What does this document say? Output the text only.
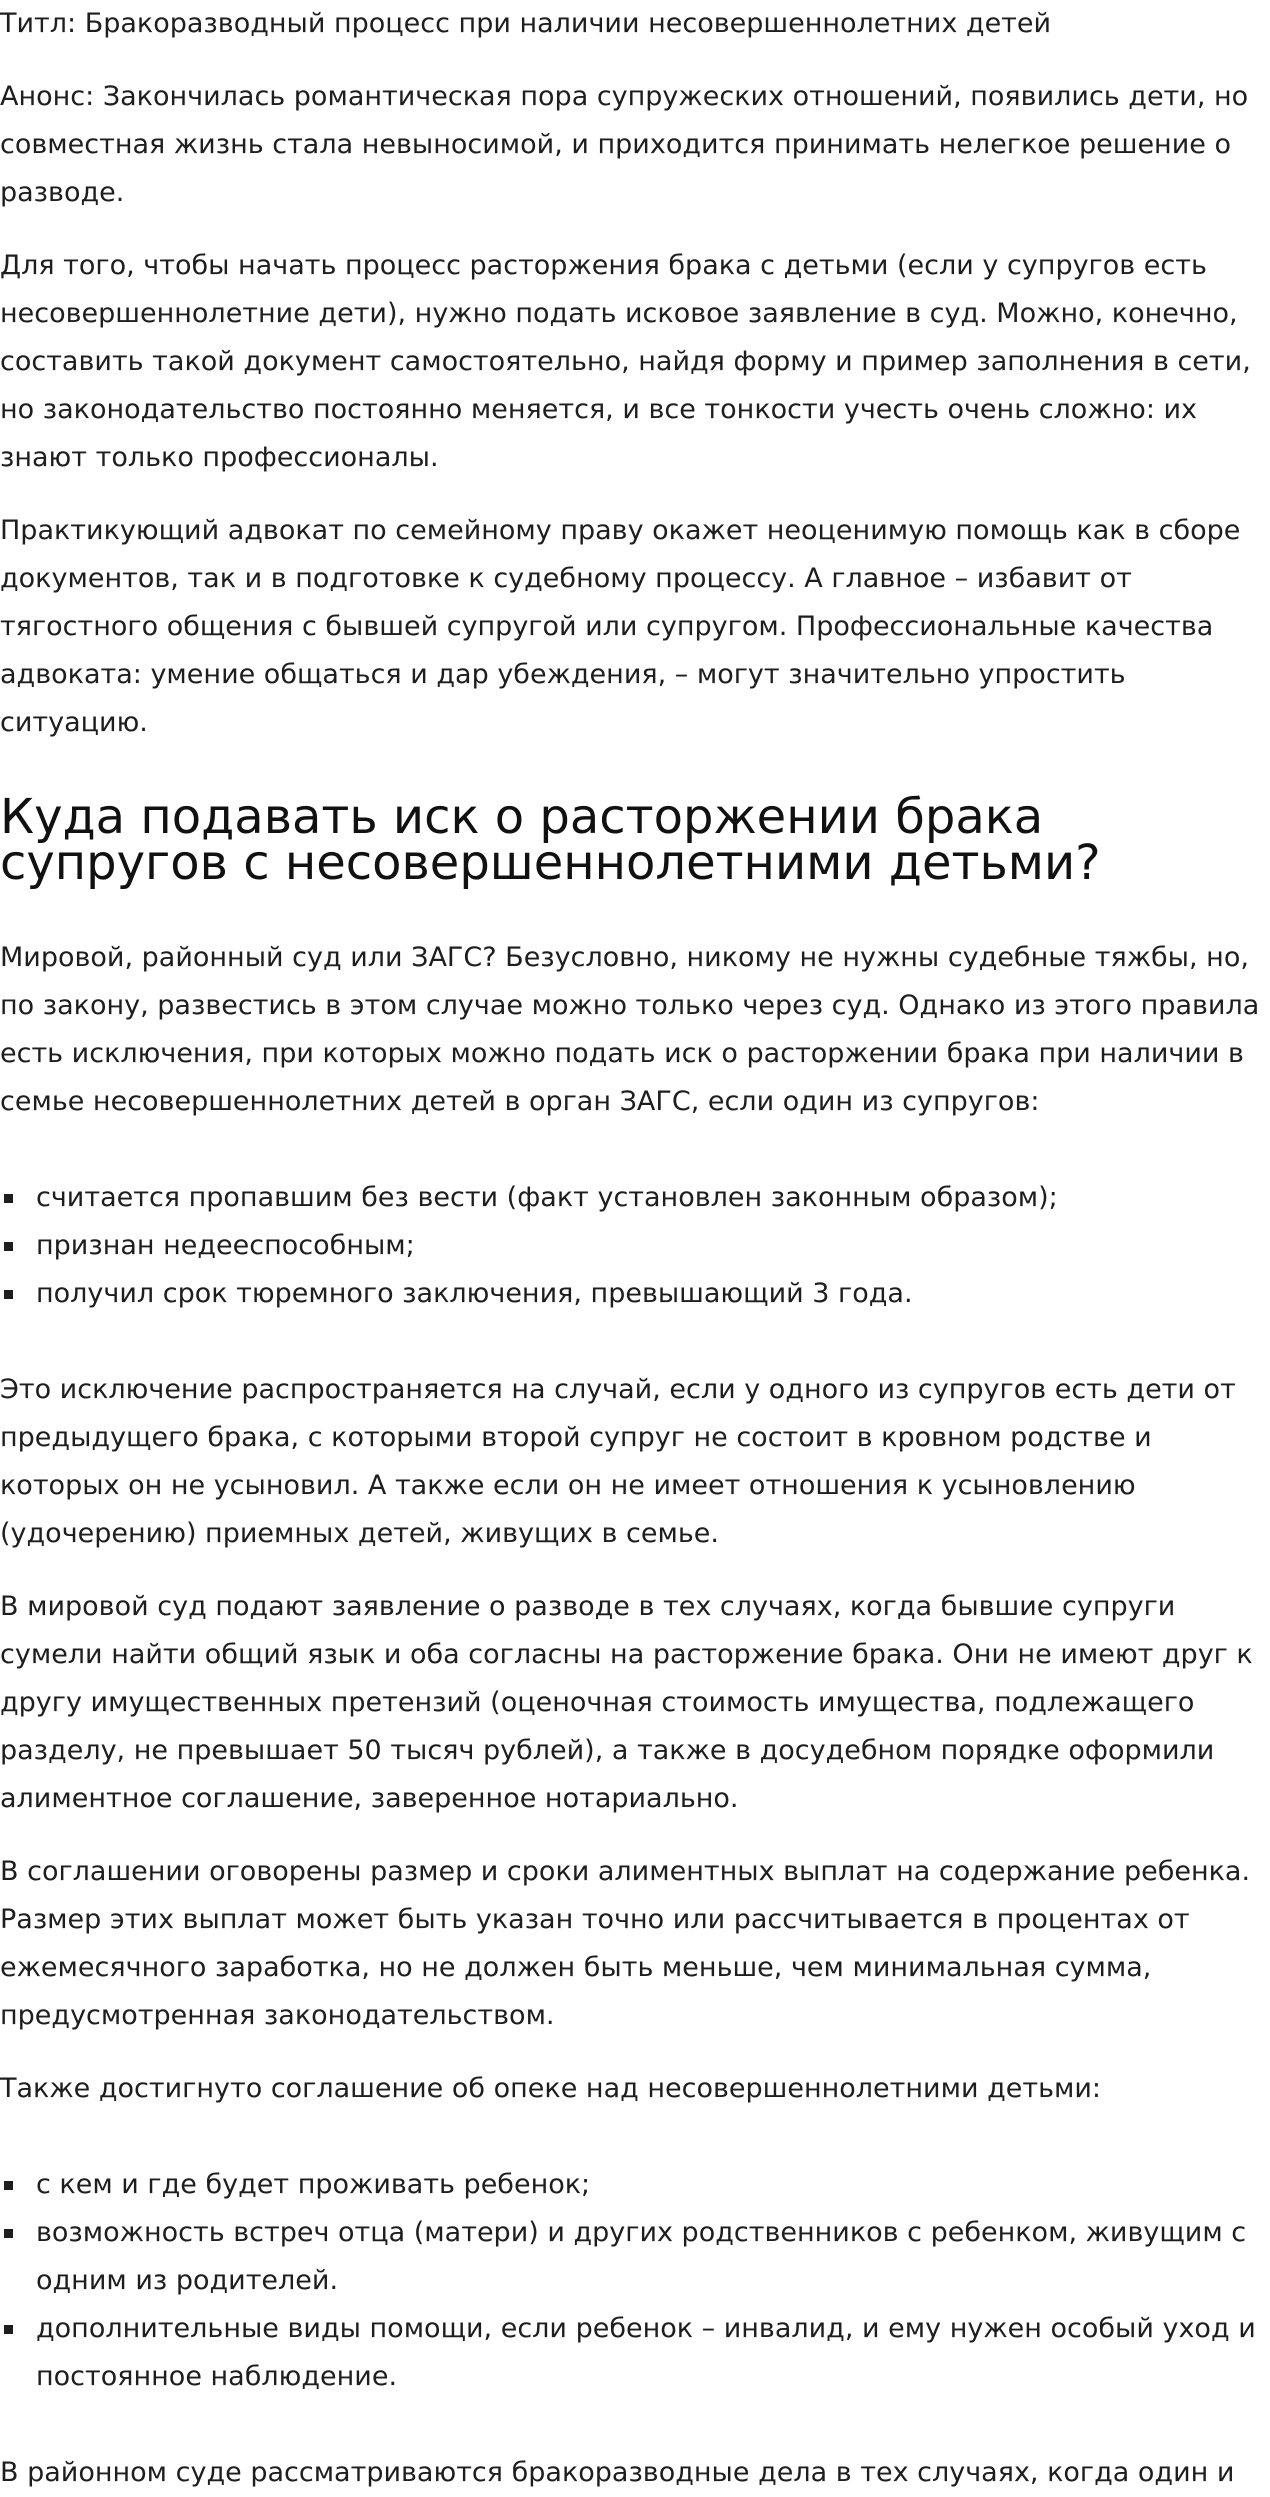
Титл: Бракоразводный процесс при наличии несовершеннолетних детей

Анонс: Закончилась романтическая пора супружеских отношений, появились дети, но совместная жизнь стала невыносимой, и приходится принимать нелегкое решение о разводе.

Для того, чтобы начать процесс расторжения брака с детьми (если у супругов есть несовершеннолетние дети), нужно подать исковое заявление в суд. Можно, конечно, составить такой документ самостоятельно, найдя форму и пример заполнения в сети, но законодательство постоянно меняется, и все тонкости учесть очень сложно: их знают только профессионалы.

Практикующий адвокат по семейному праву окажет неоценимую помощь как в сборе документов, так и в подготовке к судебному процессу. А главное – избавит от тягостного общения с бывшей супругой или супругом. Профессиональные качества адвоката: умение общаться и дар убеждения, – могут значительно упростить ситуацию.

Куда подавать иск о расторжении брака супругов с несовершеннолетними детьми?

Мировой, районный суд или ЗАГС? Безусловно, никому не нужны судебные тяжбы, но, по закону, развестись в этом случае можно только через суд. Однако из этого правила есть исключения, при которых можно подать иск о расторжении брака при наличии в семье несовершеннолетних детей в орган ЗАГС, если один из супругов:

считается пропавшим без вести (факт установлен законным образом);
признан недееспособным;
получил срок тюремного заключения, превышающий 3 года.

Это исключение распространяется на случай, если у одного из супругов есть дети от предыдущего брака, с которыми второй супруг не состоит в кровном родстве и которых он не усыновил. А также если он не имеет отношения к усыновлению (удочерению) приемных детей, живущих в семье.

В мировой суд подают заявление о разводе в тех случаях, когда бывшие супруги сумели найти общий язык и оба согласны на расторжение брака. Они не имеют друг к другу имущественных претензий (оценочная стоимость имущества, подлежащего разделу, не превышает 50 тысяч рублей), а также в досудебном порядке оформили алиментное соглашение, заверенное нотариально.

В соглашении оговорены размер и сроки алиментных выплат на содержание ребенка. Размер этих выплат может быть указан точно или рассчитывается в процентах от ежемесячного заработка, но не должен быть меньше, чем минимальная сумма, предусмотренная законодательством.

Также достигнуто соглашение об опеке над несовершеннолетними детьми:

с кем и где будет проживать ребенок;
возможность встреч отца (матери) и других родственников с ребенком, живущим с одним из родителей.
дополнительные виды помощи, если ребенок – инвалид, и ему нужен особый уход и постоянное наблюдение.

В районном суде рассматриваются бракоразводные дела в тех случаях, когда один и
